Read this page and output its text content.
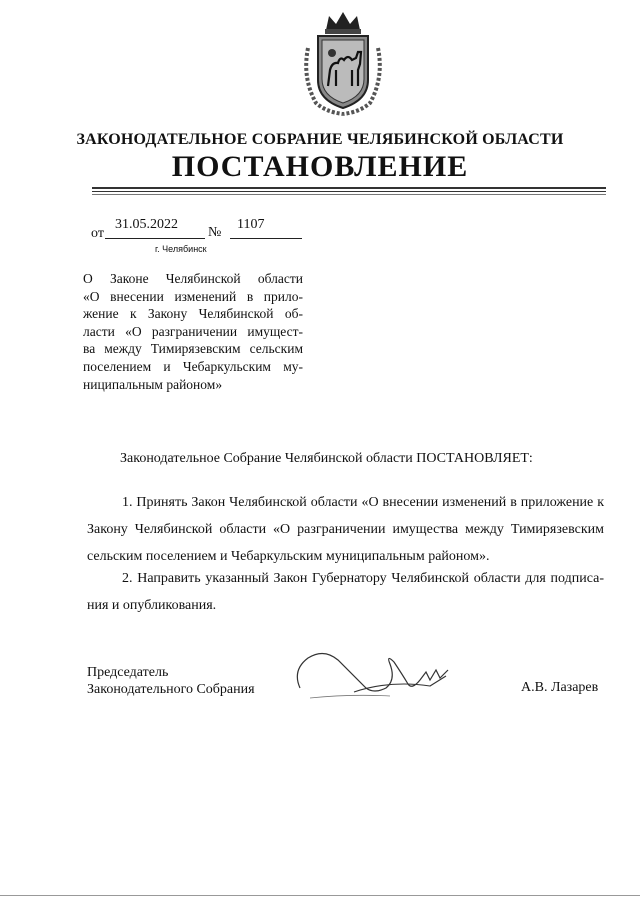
ЗАКОНОДАТЕЛЬНОЕ СОБРАНИЕ ЧЕЛЯБИНСКОЙ ОБЛАСТИ
ПОСТАНОВЛЕНИЕ
от
31.05.2022
№
1107
г. Челябинск
О Законе Челябинской области
«О внесении изменений в прило-
жение к Закону Челябинской об-
ласти «О разграничении имущест-
ва между Тимирязевским сельским
поселением и Чебаркульским му-
ниципальным районом»
Законодательное Собрание Челябинской области ПОСТАНОВЛЯЕТ:
1. Принять Закон Челябинской области «О внесении изменений в приложение к
Закону Челябинской области «О разграничении имущества между Тимирязевским
сельским поселением и Чебаркульским муниципальным районом».
2. Направить указанный Закон Губернатору Челябинской области для подписа-
ния и опубликования.
Председатель
Законодательного Собрания	А.В. Лазарев
